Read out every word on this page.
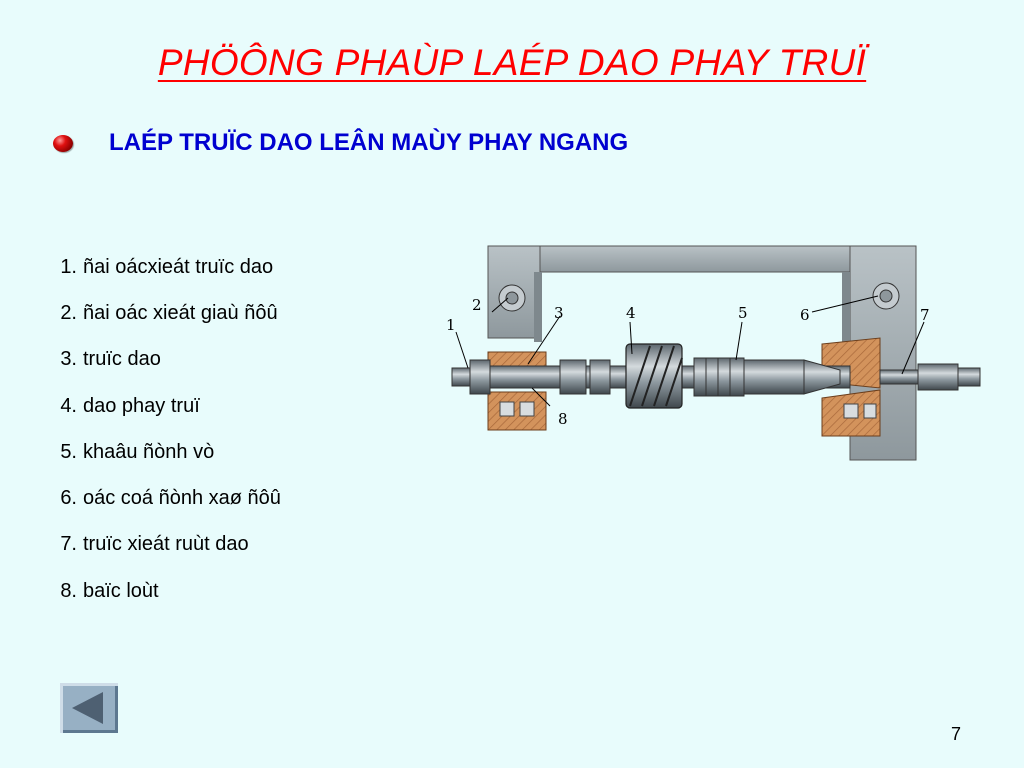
PHÖÔNG PHAÙP LAÉP DAO PHAY TRUÏ
LAÉP TRUÏC DAO LEÂN MAÙY PHAY NGANG
1. ñai oácxieát truïc dao
2. ñai oác xieát giaù ñôû
3. truïc dao
4. dao phay truï
5. khaâu ñònh vò
6. oác coá ñònh xaø ñôû
7. truïc xieát ruùt dao
8. baïc loùt
1
2	3	4	5	6	7
8
7
